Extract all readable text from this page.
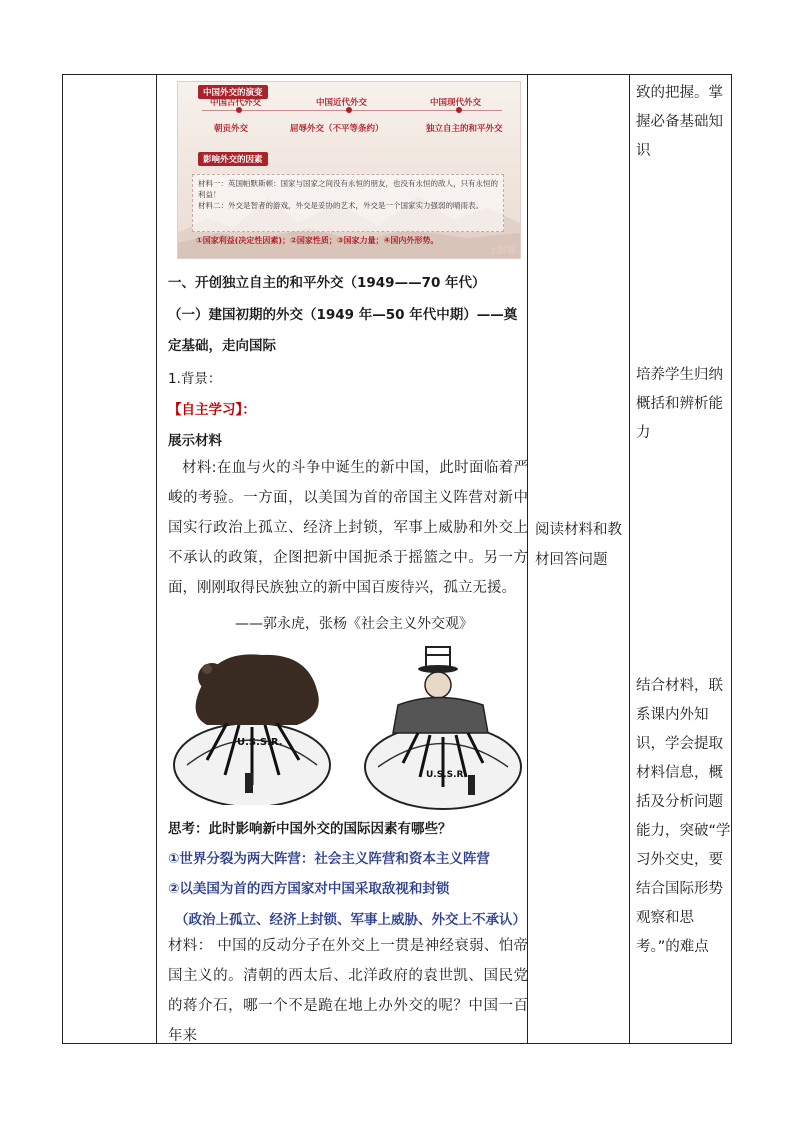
中国外交的演变
中国古代外交	中国近代外交	中国现代外交
朝贡外交	屈辱外交（不平等条约）	独立自主的和平外交
影响外交的因素
材料一：英国帕默斯顿：国家与国家之间没有永恒的朋友，也没有永恒的敌人，只有永恒的利益！
材料二：外交是智者的游戏，外交是妥协的艺术，外交是一个国家实力强弱的晴雨表。
①国家利益(决定性因素)；②国家性质；③国家力量；④国内外形势。
上好课
一、开创独立自主的和平外交（1949——70 年代）
（一）建国初期的外交（1949 年—50 年代中期）——奠
定基础，走向国际
1.背景：
【自主学习】：
展示材料
材料:在血与火的斗争中诞生的新中国，此时面临着严峻的考验。一方面，以美国为首的帝国主义阵营对新中国实行政治上孤立、经济上封锁，军事上威胁和外交上不承认的政策，企图把新中国扼杀于摇篮之中。另一方面，刚刚取得民族独立的新中国百废待兴，孤立无援。
——郭永虎，张杨《社会主义外交观》
U.S.S.R.
U.S.S.R.
思考：此时影响新中国外交的国际因素有哪些？
①世界分裂为两大阵营：社会主义阵营和资本主义阵营
②以美国为首的西方国家对中国采取敌视和封锁
（政治上孤立、经济上封锁、军事上威胁、外交上不承认）
材料： 中国的反动分子在外交上一贯是神经衰弱、怕帝国主义的。清朝的西太后、北洋政府的袁世凯、国民党的蒋介石，哪一个不是跪在地上办外交的呢？中国一百年来
阅读材料和教材回答问题
致的把握。掌握必备基础知识
培养学生归纳概括和辨析能力
结合材料，联系课内外知识，学会提取材料信息，概括及分析问题能力，突破“学习外交史，要结合国际形势观察和思考。”的难点
